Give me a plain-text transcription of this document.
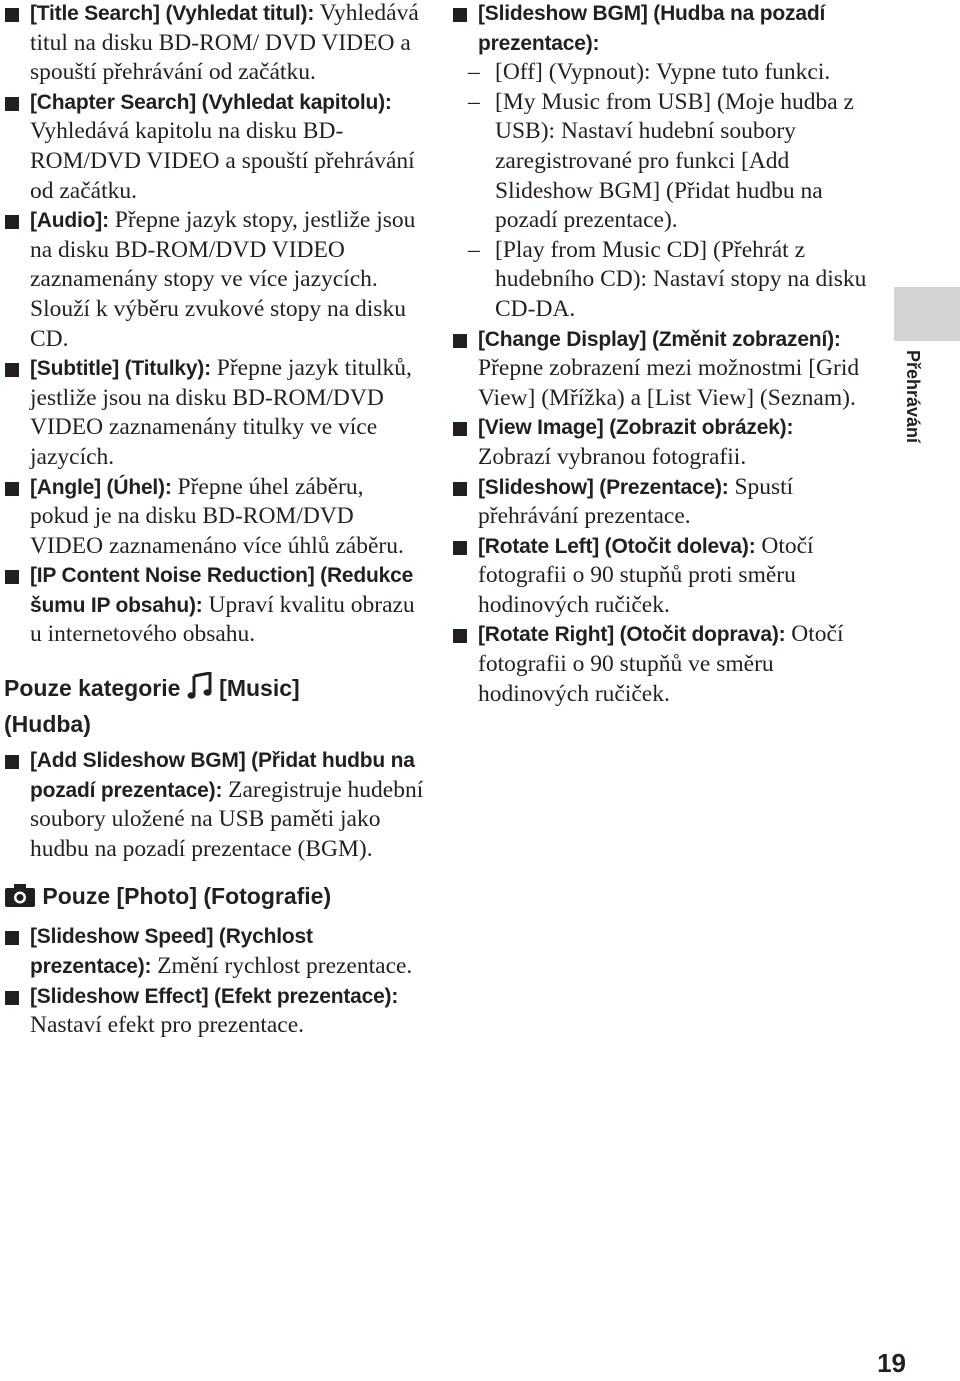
[Title Search] (Vyhledat titul): Vyhledává titul na disku BD-ROM/ DVD VIDEO a spouští přehrávání od začátku.
[Chapter Search] (Vyhledat kapitolu): Vyhledává kapitolu na disku BD-ROM/DVD VIDEO a spouští přehrávání od začátku.
[Audio]: Přepne jazyk stopy, jestliže jsou na disku BD-ROM/DVD VIDEO zaznamenány stopy ve více jazycích. Slouží k výběru zvukové stopy na disku CD.
[Subtitle] (Titulky): Přepne jazyk titulků, jestliže jsou na disku BD-ROM/DVD VIDEO zaznamenány titulky ve více jazycích.
[Angle] (Úhel): Přepne úhel záběru, pokud je na disku BD-ROM/DVD VIDEO zaznamenáno více úhlů záběru.
[IP Content Noise Reduction] (Redukce šumu IP obsahu): Upraví kvalitu obrazu u internetového obsahu.
Pouze kategorie [Music] (Hudba)
[Add Slideshow BGM] (Přidat hudbu na pozadí prezentace): Zaregistruje hudební soubory uložené na USB paměti jako hudbu na pozadí prezentace (BGM).
Pouze [Photo] (Fotografie)
[Slideshow Speed] (Rychlost prezentace): Změní rychlost prezentace.
[Slideshow Effect] (Efekt prezentace): Nastaví efekt pro prezentace.
[Slideshow BGM] (Hudba na pozadí prezentace):
– [Off] (Vypnout): Vypne tuto funkci.
– [My Music from USB] (Moje hudba z USB): Nastaví hudební soubory zaregistrované pro funkci [Add Slideshow BGM] (Přidat hudbu na pozadí prezentace).
– [Play from Music CD] (Přehrát z hudebního CD): Nastaví stopy na disku CD-DA.
[Change Display] (Změnit zobrazení): Přepne zobrazení mezi možnostmi [Grid View] (Mřížka) a [List View] (Seznam).
[View Image] (Zobrazit obrázek): Zobrazí vybranou fotografii.
[Slideshow] (Prezentace): Spustí přehrávání prezentace.
[Rotate Left] (Otočit doleva): Otočí fotografii o 90 stupňů proti směru hodinových ručiček.
[Rotate Right] (Otočit doprava): Otočí fotografii o 90 stupňů ve směru hodinových ručiček.
Přehrávání
19
